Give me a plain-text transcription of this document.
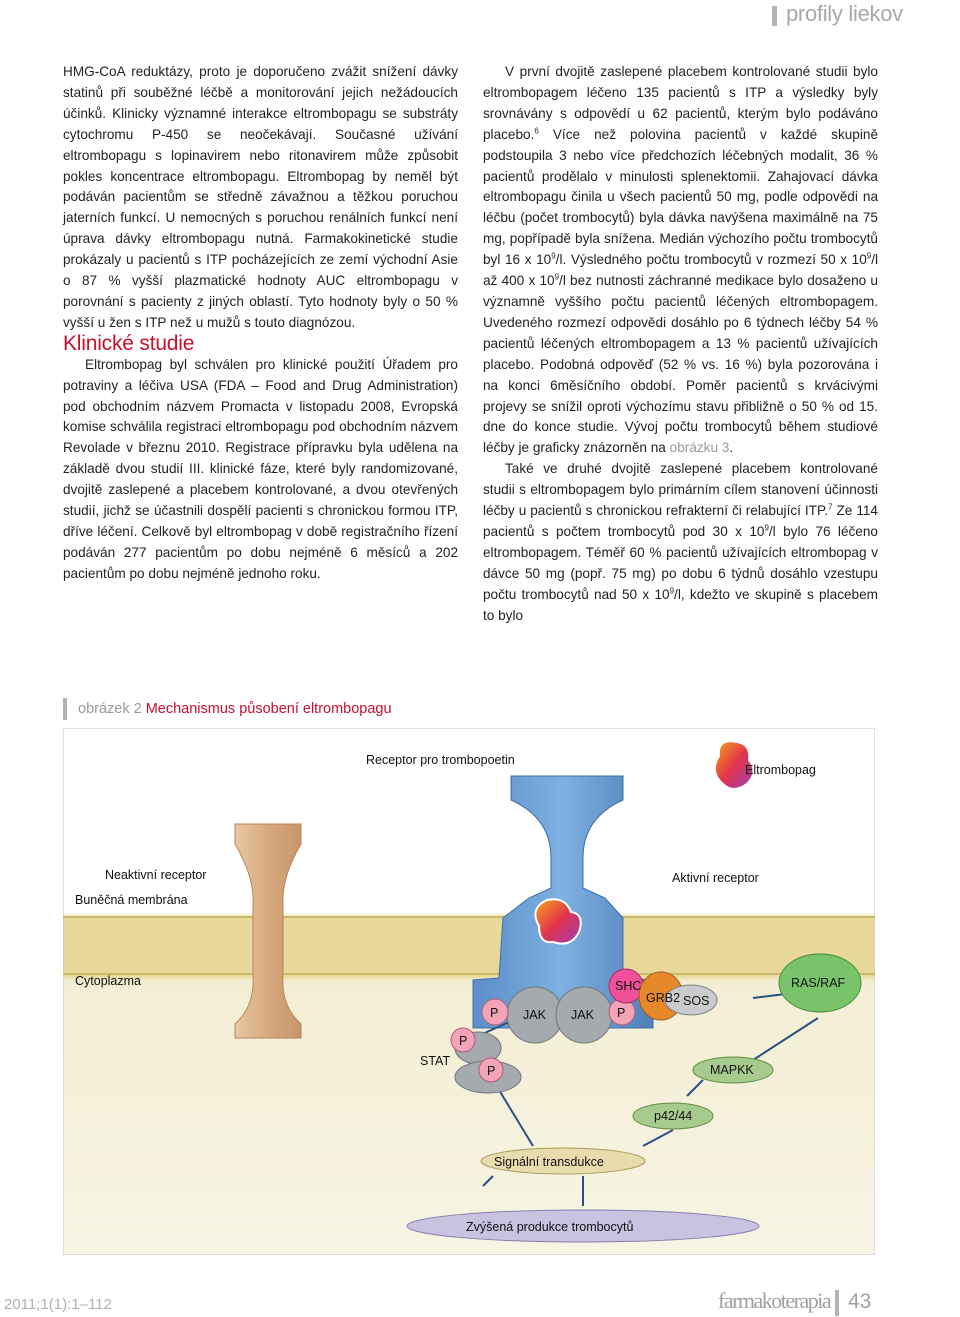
profily liekov

HMG-CoA reduktázy, proto je doporučeno zvážit snížení dávky statinů při souběžné léčbě a monitorování jejich nežádoucích účinků. Klinicky významné interakce eltrombopagu se substráty cytochromu P-450 se neočekávají. Současné užívání eltrombopagu s lopinavirem nebo ritonavirem může způsobit pokles koncentrace eltrombopagu. Eltrombopag by neměl být podáván pacientům se středně závažnou a těžkou poruchou jaterních funkcí. U nemocných s poruchou renálních funkcí není úprava dávky eltrombopagu nutná. Farmakokinetické studie prokázaly u pacientů s ITP pocházejících ze zemí východní Asie o 87 % vyšší plazmatické hodnoty AUC eltrombopagu v porovnání s pacienty z jiných oblastí. Tyto hodnoty byly o 50 % vyšší u žen s ITP než u mužů s touto diagnózou.

Klinické studie

Eltrombopag byl schválen pro klinické použití Úřadem pro potraviny a léčiva USA (FDA – Food and Drug Administration) pod obchodním názvem Promacta v listopadu 2008, Evropská komise schválila registraci eltrombopagu pod obchodním názvem Revolade v březnu 2010. Registrace přípravku byla udělena na základě dvou studií III. klinické fáze, které byly randomizované, dvojitě zaslepené a placebem kontrolované, a dvou otevřených studií, jichž se účastnili dospělí pacienti s chronickou formou ITP, dříve léčení. Celkově byl eltrombopag v době registračního řízení podáván 277 pacientům po dobu nejméně 6 měsíců a 202 pacientům po dobu nejméně jednoho roku.

V první dvojitě zaslepené placebem kontrolované studii bylo eltrombopagem léčeno 135 pacientů s ITP a výsledky byly srovnávány s odpovědí u 62 pacientů, kterým bylo podáváno placebo.$^6$ Více než polovina pacientů v každé skupině podstoupila 3 nebo více předchozích léčebných modalit, 36 % pacientů prodělalo v minulosti splenektomii. Zahajovací dávka eltrombopagu činila u všech pacientů 50 mg, podle odpovědi na léčbu (počet trombocytů) byla dávka navýšena maximálně na 75 mg, popřípadě byla snížena. Medián výchozího počtu trombocytů byl 16 x $10^9/l$. Výsledného počtu trombocytů v rozmezí 50 x $10^9/l$ až 400 x $10^9/l$ bez nutnosti záchranné medikace bylo dosaženo u významně vyššího počtu pacientů léčených eltrombopagem. Uvedeného rozmezí odpovědi dosáhlo po 6 týdnech léčby 54 % pacientů léčených eltrombopagem a 13 % pacientů užívajících placebo. Podobná odpověď (52 % vs. 16 %) byla pozorována i na konci 6měsíčního období. Poměr pacientů s krvácivými projevy se snížil oproti výchozímu stavu přibližně o 50 % od 15. dne do konce studie. Vývoj počtu trombocytů během studiové léčby je graficky znázorněn na obrázku 3.

Také ve druhé dvojitě zaslepené placebem kontrolované studii s eltrombopagem bylo primárním cílem stanovení účinnosti léčby u pacientů s chronickou refrakterní či relabující ITP.$^7$ Ze 114 pacientů s počtem trombocytů pod 30 x $10^9/l$ bylo 76 léčeno eltrombopagem. Téměř 60 % pacientů užívajících eltrombopag v dávce 50 mg (popř. 75 mg) po dobu 6 týdnů dosáhlo vzestupu počtu trombocytů nad 50 x $10^9/l$, kdežto ve skupině s placebem to bylo

obrázek 2 Mechanismus působení eltrombopagu
Receptor pro trombopoetin
Eltrombopag
Neaktivní receptor
Buněčná membrána
Aktivní receptor
Cytoplazma	SHC
GRB2 SOS
RAS/RAF
P JAK JAK P
P
STAT
P	MAPKK
p42/44
Signální transdukce
Zvýšená produkce trombocytů
2011;1(1):1–112	farmakoterapia 43
